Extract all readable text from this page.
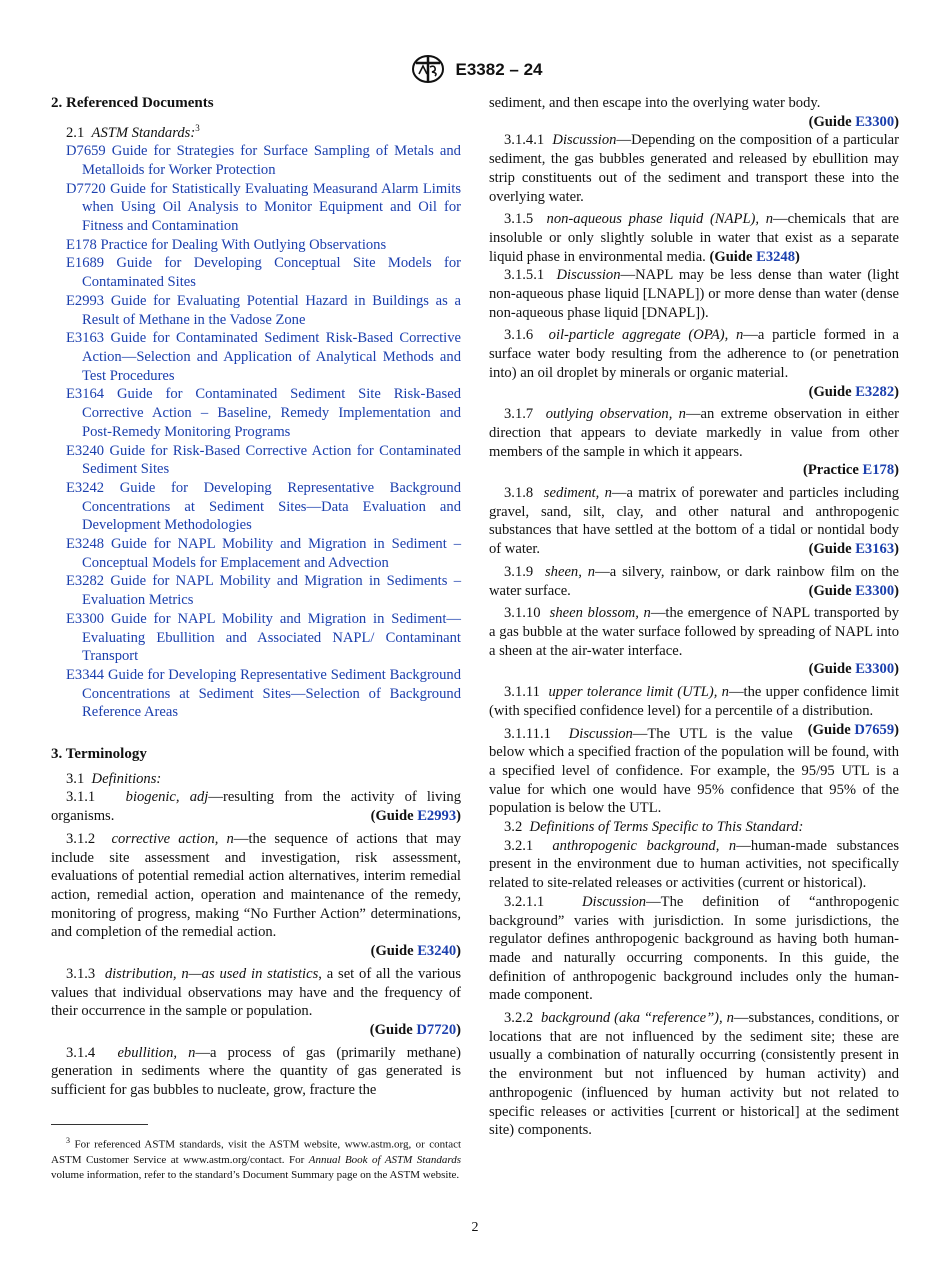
E3382 – 24

2. Referenced Documents

2.1 ASTM Standards:$^3$

D7659 Guide for Strategies for Surface Sampling of Metals and Metalloids for Worker Protection

D7720 Guide for Statistically Evaluating Measurand Alarm Limits when Using Oil Analysis to Monitor Equipment and Oil for Fitness and Contamination

E178 Practice for Dealing With Outlying Observations

E1689 Guide for Developing Conceptual Site Models for Contaminated Sites

E2993 Guide for Evaluating Potential Hazard in Buildings as a Result of Methane in the Vadose Zone

E3163 Guide for Contaminated Sediment Risk-Based Corrective Action—Selection and Application of Analytical Methods and Test Procedures

E3164 Guide for Contaminated Sediment Site Risk-Based Corrective Action – Baseline, Remedy Implementation and Post-Remedy Monitoring Programs

E3240 Guide for Risk-Based Corrective Action for Contaminated Sediment Sites

E3242 Guide for Developing Representative Background Concentrations at Sediment Sites—Data Evaluation and Development Methodologies

E3248 Guide for NAPL Mobility and Migration in Sediment – Conceptual Models for Emplacement and Advection

E3282 Guide for NAPL Mobility and Migration in Sediments – Evaluation Metrics

E3300 Guide for NAPL Mobility and Migration in Sediment— Evaluating Ebullition and Associated NAPL/ Contaminant Transport

E3344 Guide for Developing Representative Sediment Background Concentrations at Sediment Sites—Selection of Background Reference Areas

3. Terminology

3.1 Definitions:

3.1.1 biogenic, adj—resulting from the activity of living organisms.	(Guide E2993)

3.1.2 corrective action, n—the sequence of actions that may include site assessment and investigation, risk assessment, evaluations of potential remedial action alternatives, interim remedial action, remedial action, operation and maintenance of the remedy, monitoring of progress, making “No Further Action” determinations, and completion of the remedial action.
(Guide E3240)

3.1.3 distribution, n—as used in statistics, a set of all the various values that individual observations may have and the frequency of their occurrence in the sample or population.
(Guide D7720)

3.1.4 ebullition, n—a process of gas (primarily methane) generation in sediments where the quantity of gas generated is sufficient for gas bubbles to nucleate, grow, fracture the

$^3$ For referenced ASTM standards, visit the ASTM website, www.astm.org, or contact ASTM Customer Service at www.astm.org/contact. For Annual Book of ASTM Standards volume information, refer to the standard’s Document Summary page on the ASTM website.

sediment, and then escape into the overlying water body.
(Guide E3300)

3.1.4.1 Discussion—Depending on the composition of a particular sediment, the gas bubbles generated and released by ebullition may strip constituents out of the sediment and transport these into the overlying water.

3.1.5 non-aqueous phase liquid (NAPL), n—chemicals that are insoluble or only slightly soluble in water that exist as a separate liquid phase in environmental media. (Guide E3248)

3.1.5.1 Discussion—NAPL may be less dense than water (light non-aqueous phase liquid [LNAPL]) or more dense than water (dense non-aqueous phase liquid [DNAPL]).

3.1.6 oil-particle aggregate (OPA), n—a particle formed in a surface water body resulting from the adherence to (or penetration into) an oil droplet by minerals or organic material.
(Guide E3282)

3.1.7 outlying observation, n—an extreme observation in either direction that appears to deviate markedly in value from other members of the sample in which it appears.
(Practice E178)

3.1.8 sediment, n—a matrix of porewater and particles including gravel, sand, silt, clay, and other natural and anthropogenic substances that have settled at the bottom of a tidal or nontidal body of water.	(Guide E3163)

3.1.9 sheen, n—a silvery, rainbow, or dark rainbow film on the water surface.	(Guide E3300)

3.1.10 sheen blossom, n—the emergence of NAPL transported by a gas bubble at the water surface followed by spreading of NAPL into a sheen at the air-water interface.
(Guide E3300)

3.1.11 upper tolerance limit (UTL), n—the upper confidence limit (with specified confidence level) for a percentile of a distribution.
(Guide D7659)

3.1.11.1 Discussion—The UTL is the value below which a specified fraction of the population will be found, with a specified level of confidence. For example, the 95/95 UTL is a value for which one would have 95% confidence that 95% of the population is below the UTL.

3.2 Definitions of Terms Specific to This Standard:

3.2.1 anthropogenic background, n—human-made substances present in the environment due to human activities, not specifically related to site-related releases or activities (current or historical).

3.2.1.1	Discussion—The definition of “anthropogenic background” varies with jurisdiction. In some jurisdictions, the regulator defines anthropogenic background as having both human-made and naturally occurring components. In this guide, the definition of anthropogenic background includes only the human-made component.

3.2.2 background (aka “reference”), n—substances, conditions, or locations that are not influenced by the sediment site; these are usually a combination of naturally occurring (consistently present in the environment but not influenced by human activity) and anthropogenic (influenced by human activity but not related to specific releases or activities [current or historical] at the sediment site) components.

2
